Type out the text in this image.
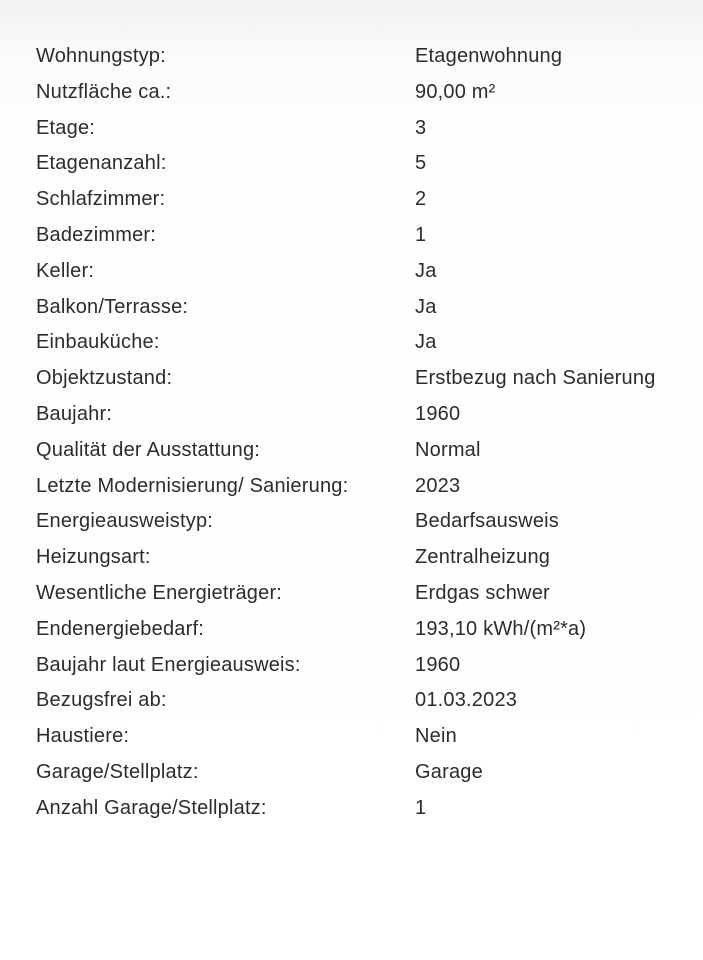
Wohnungstyp:	Etagenwohnung
Nutzfläche ca.:	90,00 m²
Etage:	3
Etagenanzahl:	5
Schlafzimmer:	2
Badezimmer:	1
Keller:	Ja
Balkon/Terrasse:	Ja
Einbauküche:	Ja
Objektzustand:	Erstbezug nach Sanierung
Baujahr:	1960
Qualität der Ausstattung:	Normal
Letzte Modernisierung/ Sanierung:	2023
Energieausweistyp:	Bedarfsausweis
Heizungsart:	Zentralheizung
Wesentliche Energieträger:	Erdgas schwer
Endenergiebedarf:	193,10 kWh/(m²*a)
Baujahr laut Energieausweis:	1960
Bezugsfrei ab:	01.03.2023
Haustiere:	Nein
Garage/Stellplatz:	Garage
Anzahl Garage/Stellplatz:	1
